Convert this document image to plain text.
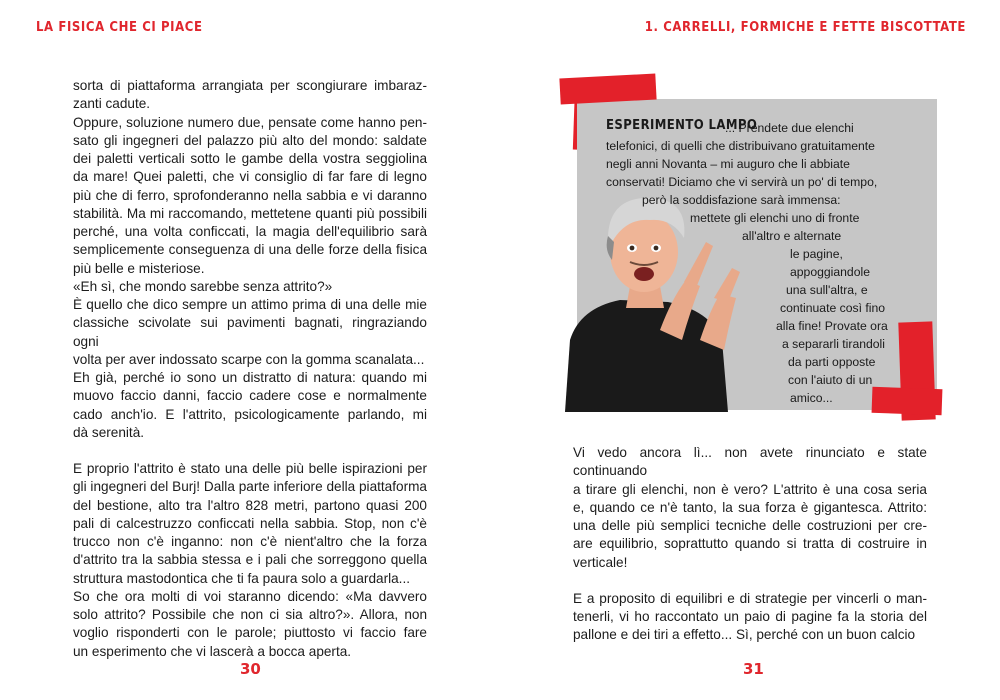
LA FISICA CHE CI PIACE	1. CARRELLI, FORMICHE E FETTE BISCOTTATE

sorta di piattaforma arrangiata per scongiurare imbaraz-

zanti cadute.

Oppure, soluzione numero due, pensate come hanno pen-

sato gli ingegneri del palazzo più alto del mondo: saldate

dei paletti verticali sotto le gambe della vostra seggiolina

da mare! Quei paletti, che vi consiglio di far fare di legno

più che di ferro, sprofonderanno nella sabbia e vi daranno

stabilità. Ma mi raccomando, mettetene quanti più possibili

perché, una volta conficcati, la magia dell'equilibrio sarà

semplicemente conseguenza di una delle forze della fisica

più belle e misteriose.

«Eh sì, che mondo sarebbe senza attrito?»

È quello che dico sempre un attimo prima di una delle mie

classiche scivolate sui pavimenti bagnati, ringraziando ogni

volta per aver indossato scarpe con la gomma scanalata...

Eh già, perché io sono un distratto di natura: quando mi

muovo faccio danni, faccio cadere cose e normalmente

cado anch'io. E l'attrito, psicologicamente parlando, mi

dà serenità.

E proprio l'attrito è stato una delle più belle ispirazioni per

gli ingegneri del Burj! Dalla parte inferiore della piattaforma

del bestione, alto tra l'altro 828 metri, partono quasi 200

pali di calcestruzzo conficcati nella sabbia. Stop, non c'è

trucco non c'è inganno: non c'è nient'altro che la forza

d'attrito tra la sabbia stessa e i pali che sorreggono quella

struttura mastodontica che ti fa paura solo a guardarla...

So che ora molti di voi staranno dicendo: «Ma davvero

solo attrito? Possibile che non ci sia altro?». Allora, non

voglio risponderti con le parole; piuttosto vi faccio fare

un esperimento che vi lascerà a bocca aperta.

ESPERIMENTO LAMPO
... Prendete due elenchi
telefonici, di quelli che distribuivano gratuitamente
negli anni Novanta – mi auguro che li abbiate
conservati! Diciamo che vi servirà un po' di tempo,
però la soddisfazione sarà immensa:
mettete gli elenchi uno di fronte
all'altro e alternate
le pagine,
appoggiandole
una sull'altra, e
continuate così fino
alla fine! Provate ora
a separarli tirandoli
da parti opposte
con l'aiuto di un
amico...

Vi vedo ancora lì... non avete rinunciato e state continuando

a tirare gli elenchi, non è vero? L'attrito è una cosa seria

e, quando ce n'è tanto, la sua forza è gigantesca. Attrito:

una delle più semplici tecniche delle costruzioni per cre-

are equilibrio, soprattutto quando si tratta di costruire in

verticale!

E a proposito di equilibri e di strategie per vincerli o man-

tenerli, vi ho raccontato un paio di pagine fa la storia del

pallone e dei tiri a effetto... Sì, perché con un buon calcio

30	31
